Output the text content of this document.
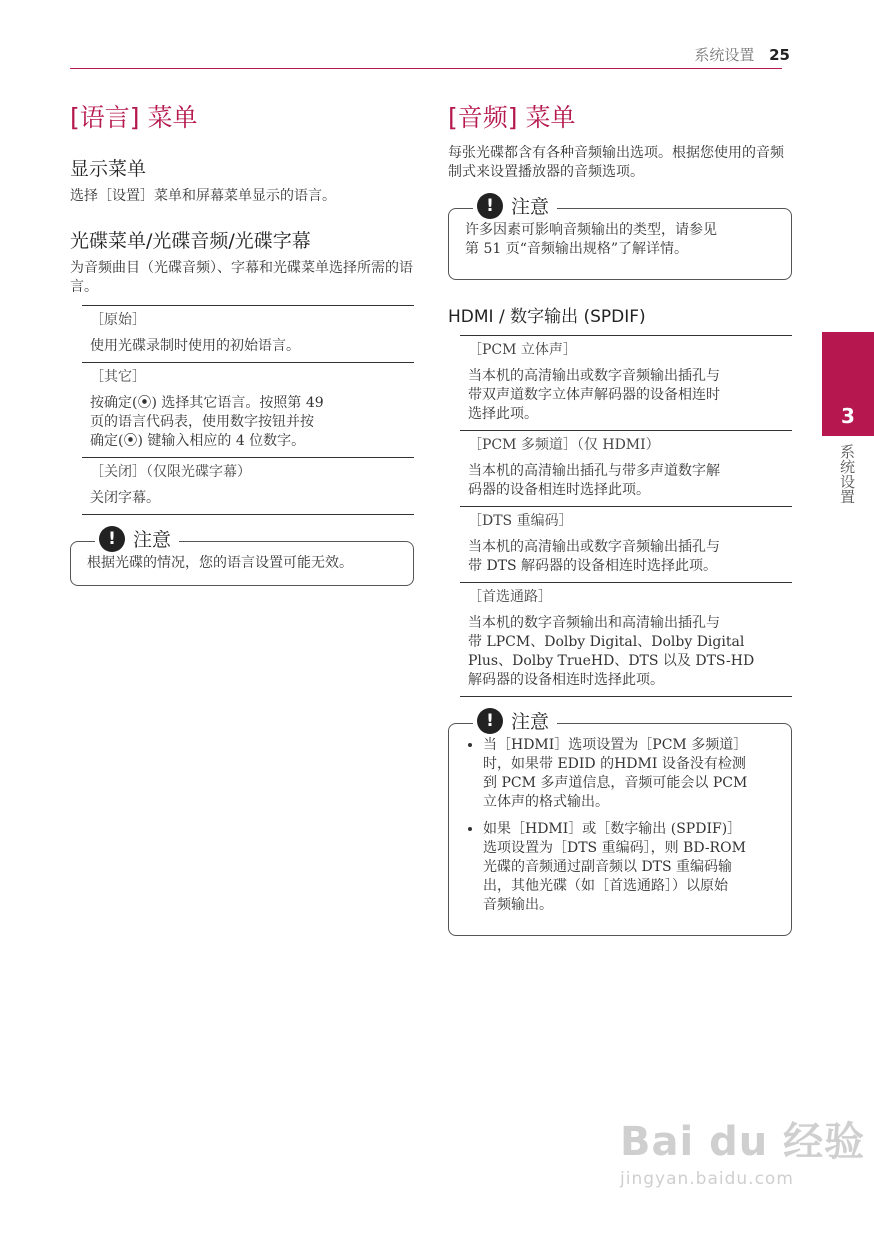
系统设置 25
[语言] 菜单
显示菜单

选择［设置］菜单和屏幕菜单显示的语言。

光碟菜单/光碟音频/光碟字幕

为音频曲目（光碟音频）、字幕和光碟菜单选择所需的语言。

［原始］
使用光碟录制时使用的初始语言。
［其它］
按确定(⦿) 选择其它语言。按照第 49
页的语言代码表，使用数字按钮并按
确定(⦿) 键输入相应的 4 位数字。
［关闭］（仅限光碟字幕）
关闭字幕。
! 注意
根据光碟的情况，您的语言设置可能无效。
[音频] 菜单

每张光碟都含有各种音频输出选项。根据您使用的音频制式来设置播放器的音频选项。

! 注意
许多因素可影响音频输出的类型，请参见
第 51 页“音频输出规格”了解详情。
HDMI / 数字输出 (SPDIF)
［PCM 立体声］
当本机的高清输出或数字音频输出插孔与
带双声道数字立体声解码器的设备相连时
选择此项。
［PCM 多频道］（仅 HDMI）
当本机的高清输出插孔与带多声道数字解
码器的设备相连时选择此项。
［DTS 重编码］
当本机的高清输出或数字音频输出插孔与
带 DTS 解码器的设备相连时选择此项。
［首选通路］
当本机的数字音频输出和高清输出插孔与
带 LPCM、Dolby Digital、Dolby Digital
Plus、Dolby TrueHD、DTS 以及 DTS-HD
解码器的设备相连时选择此项。
! 注意
• 当［HDMI］选项设置为［PCM 多频道］
时，如果带 EDID 的HDMI 设备没有检测
到 PCM 多声道信息，音频可能会以 PCM
立体声的格式输出。
• 如果［HDMI］或［数字输出 (SPDIF)］
选项设置为［DTS 重编码］，则 BD-ROM
光碟的音频通过副音频以 DTS 重编码输
出，其他光碟（如［首选通路］）以原始
音频输出。
3
系统设置
Bai du 经验
jingyan.baidu.com
